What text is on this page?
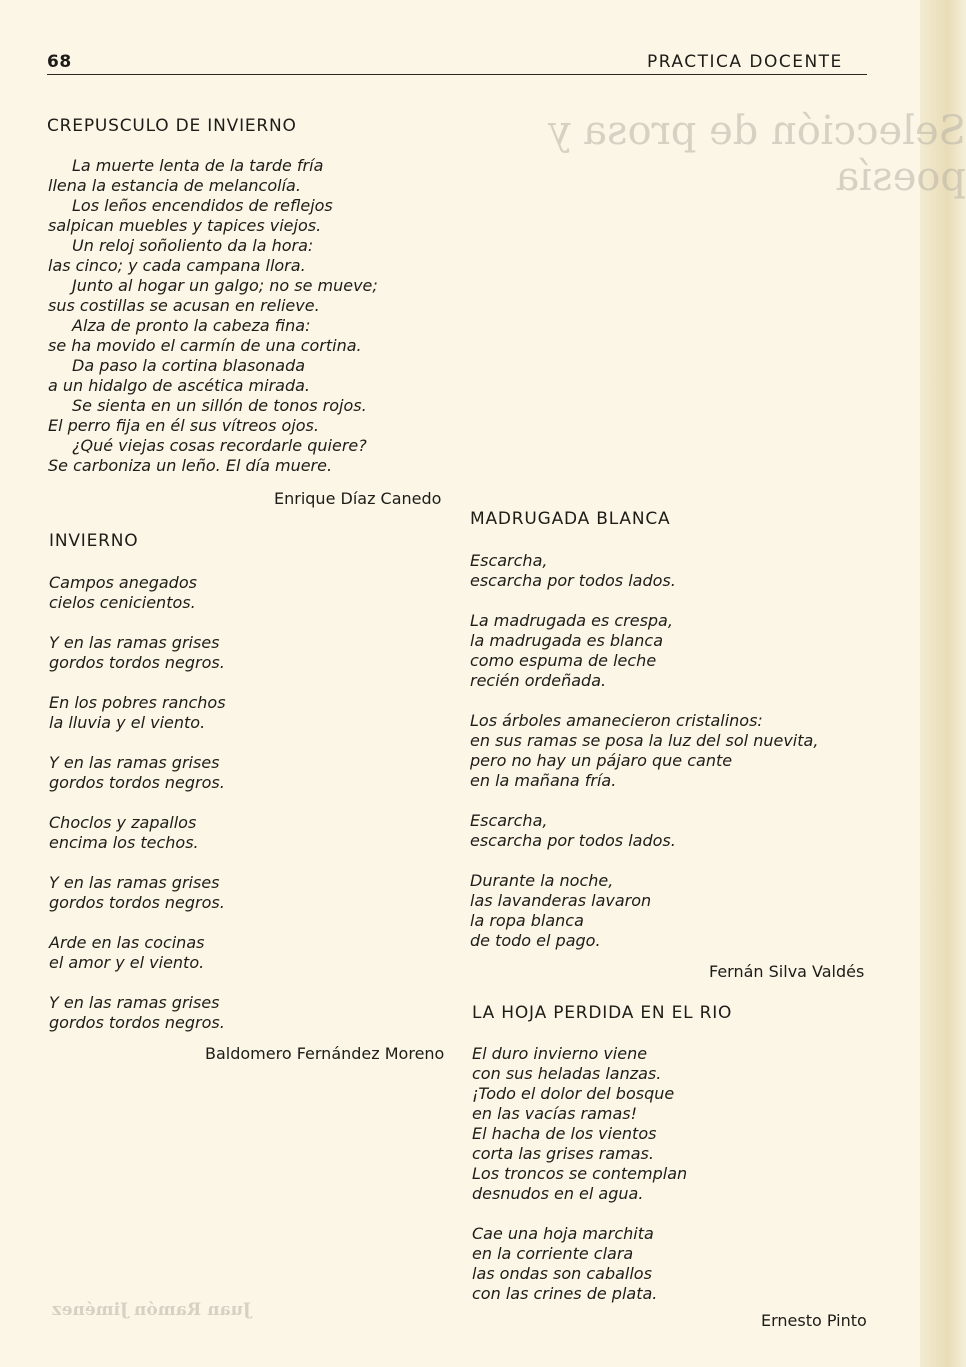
Selección de prosa y poesía
Juan Ramón Jiménez
68	PRACTICA DOCENTE
CREPUSCULO DE INVIERNO
La muerte lenta de la tarde fría
llena la estancia de melancolía.
Los leños encendidos de reflejos
salpican muebles y tapices viejos.
Un reloj soñoliento da la hora:
las cinco; y cada campana llora.
Junto al hogar un galgo; no se mueve;
sus costillas se acusan en relieve.
Alza de pronto la cabeza fina:
se ha movido el carmín de una cortina.
Da paso la cortina blasonada
a un hidalgo de ascética mirada.
Se sienta en un sillón de tonos rojos.
El perro fija en él sus vítreos ojos.
¿Qué viejas cosas recordarle quiere?
Se carboniza un leño. El día muere.
Enrique Díaz Canedo
INVIERNO
Campos anegados
cielos cenicientos.
Y en las ramas grises
gordos tordos negros.
En los pobres ranchos
la lluvia y el viento.
Y en las ramas grises
gordos tordos negros.
Choclos y zapallos
encima los techos.
Y en las ramas grises
gordos tordos negros.
Arde en las cocinas
el amor y el viento.
Y en las ramas grises
gordos tordos negros.
Baldomero Fernández Moreno
MADRUGADA BLANCA
Escarcha,
escarcha por todos lados.
La madrugada es crespa,
la madrugada es blanca
como espuma de leche
recién ordeñada.
Los árboles amanecieron cristalinos:
en sus ramas se posa la luz del sol nuevita,
pero no hay un pájaro que cante
en la mañana fría.
Escarcha,
escarcha por todos lados.
Durante la noche,
las lavanderas lavaron
la ropa blanca
de todo el pago.
Fernán Silva Valdés
LA HOJA PERDIDA EN EL RIO
El duro invierno viene
con sus heladas lanzas.
¡Todo el dolor del bosque
en las vacías ramas!
El hacha de los vientos
corta las grises ramas.
Los troncos se contemplan
desnudos en el agua.
Cae una hoja marchita
en la corriente clara
las ondas son caballos
con las crines de plata.
Ernesto Pinto
